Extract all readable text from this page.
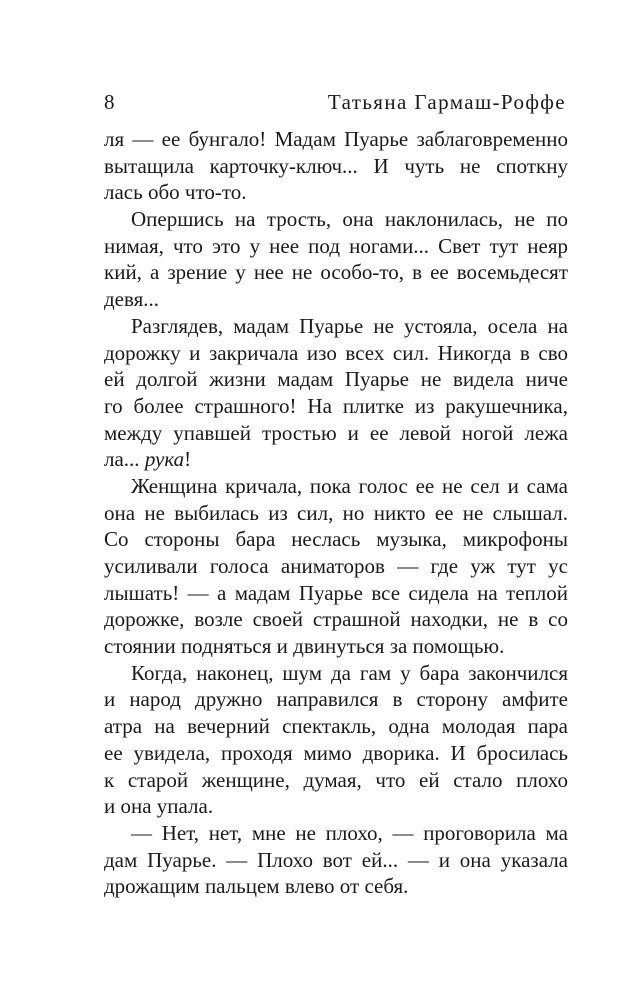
8	Татьяна Гармаш-Роффе
ля — ее бунгало! Мадам Пуарье заблаговременно
вытащила карточку-ключ... И чуть не споткну
лась обо что-то.
Опершись на трость, она наклонилась, не по
нимая, что это у нее под ногами... Свет тут неяр
кий, а зрение у нее не особо-то, в ее восемьдесят
девя...
Разглядев, мадам Пуарье не устояла, осела на
дорожку и закричала изо всех сил. Никогда в сво
ей долгой жизни мадам Пуарье не видела ниче
го более страшного! На плитке из ракушечника,
между упавшей тростью и ее левой ногой лежа
ла... рука!
Женщина кричала, пока голос ее не сел и сама
она не выбилась из сил, но никто ее не слышал.
Со стороны бара неслась музыка, микрофоны
усиливали голоса аниматоров — где уж тут ус
лышать! — а мадам Пуарье все сидела на теплой
дорожке, возле своей страшной находки, не в со
стоянии подняться и двинуться за помощью.
Когда, наконец, шум да гам у бара закончился
и народ дружно направился в сторону амфите
атра на вечерний спектакль, одна молодая пара
ее увидела, проходя мимо дворика. И бросилась
к старой женщине, думая, что ей стало плохо
и она упала.
— Нет, нет, мне не плохо, — проговорила ма
дам Пуарье. — Плохо вот ей... — и она указала
дрожащим пальцем влево от себя.
